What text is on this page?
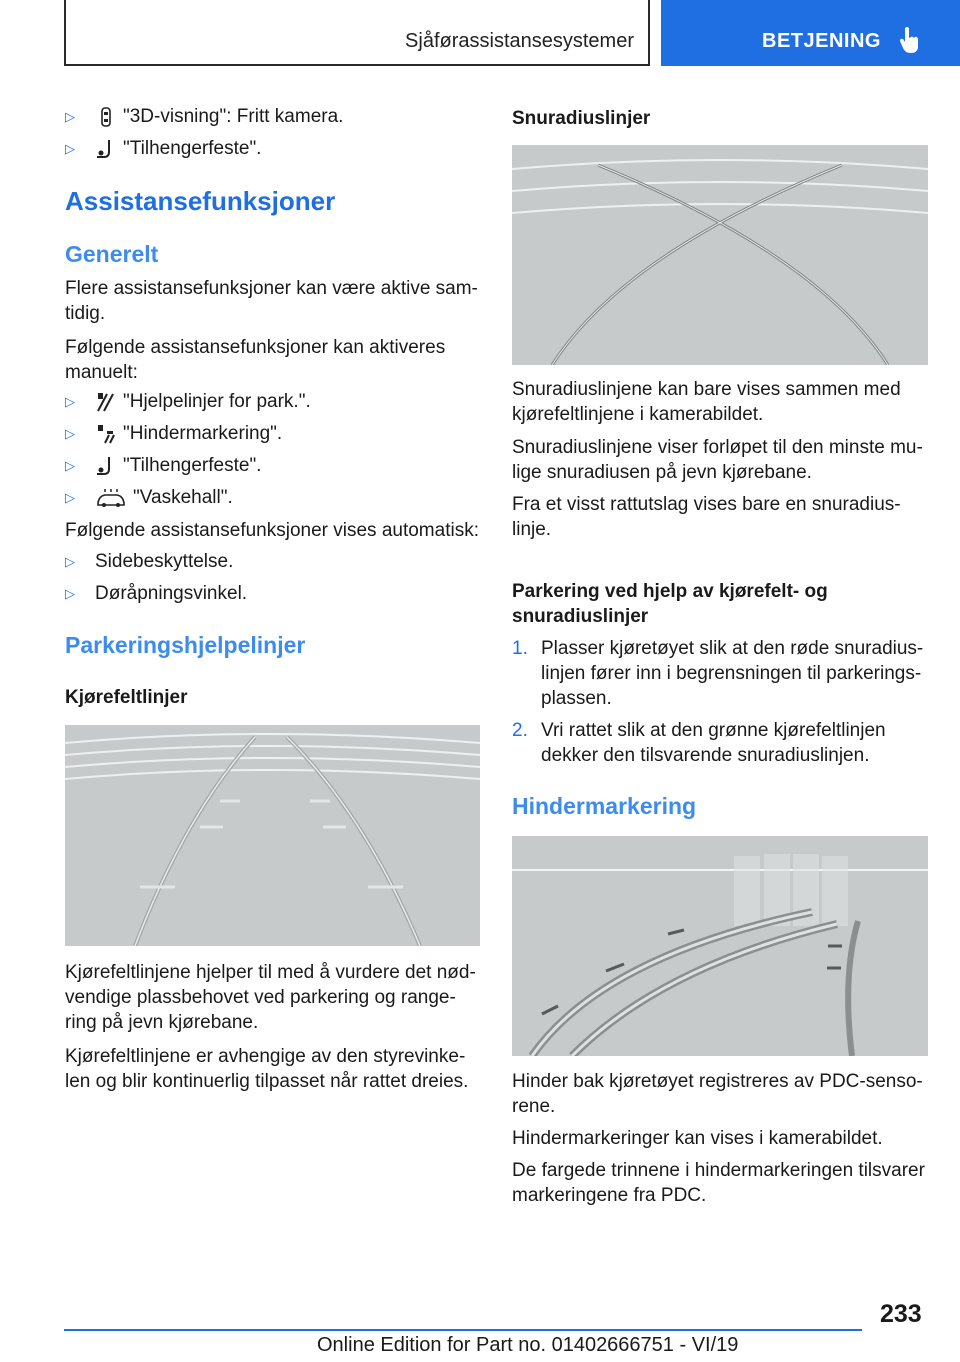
Sjåførassistansesystemer	BETJENING
▷	"3D-visning": Fritt kamera.
▷	"Tilhengerfeste".
Assistansefunksjoner
Generelt
Flere assistansefunksjoner kan være aktive sam-
tidig.
Følgende assistansefunksjoner kan aktiveres
manuelt:
▷	"Hjelpelinjer for park.".
▷	"Hindermarkering".
▷	"Tilhengerfeste".
▷	"Vaskehall".
Følgende assistansefunksjoner vises automatisk:
▷	Sidebeskyttelse.
▷	Døråpningsvinkel.
Parkeringshjelpelinjer
Kjørefeltlinjer
Kjørefeltlinjene hjelper til med å vurdere det nød-
vendige plassbehovet ved parkering og range-
ring på jevn kjørebane.
Kjørefeltlinjene er avhengige av den styrevinke-
len og blir kontinuerlig tilpasset når rattet dreies.
Snuradiuslinjer
Snuradiuslinjene kan bare vises sammen med
kjørefeltlinjene i kamerabildet.
Snuradiuslinjene viser forløpet til den minste mu-
lige snuradiusen på jevn kjørebane.
Fra et visst rattutslag vises bare en snuradius-
linje.
Parkering ved hjelp av kjørefelt- og
snuradiuslinjer
1. Plasser kjøretøyet slik at den røde snuradius-
linjen fører inn i begrensningen til parkerings-
plassen.
2. Vri rattet slik at den grønne kjørefeltlinjen
dekker den tilsvarende snuradiuslinjen.
Hindermarkering
Hinder bak kjøretøyet registreres av PDC-senso-
rene.
Hindermarkeringer kan vises i kamerabildet.
De fargede trinnene i hindermarkeringen tilsvarer
markeringene fra PDC.
233
Online Edition for Part no. 01402666751 - VI/19
